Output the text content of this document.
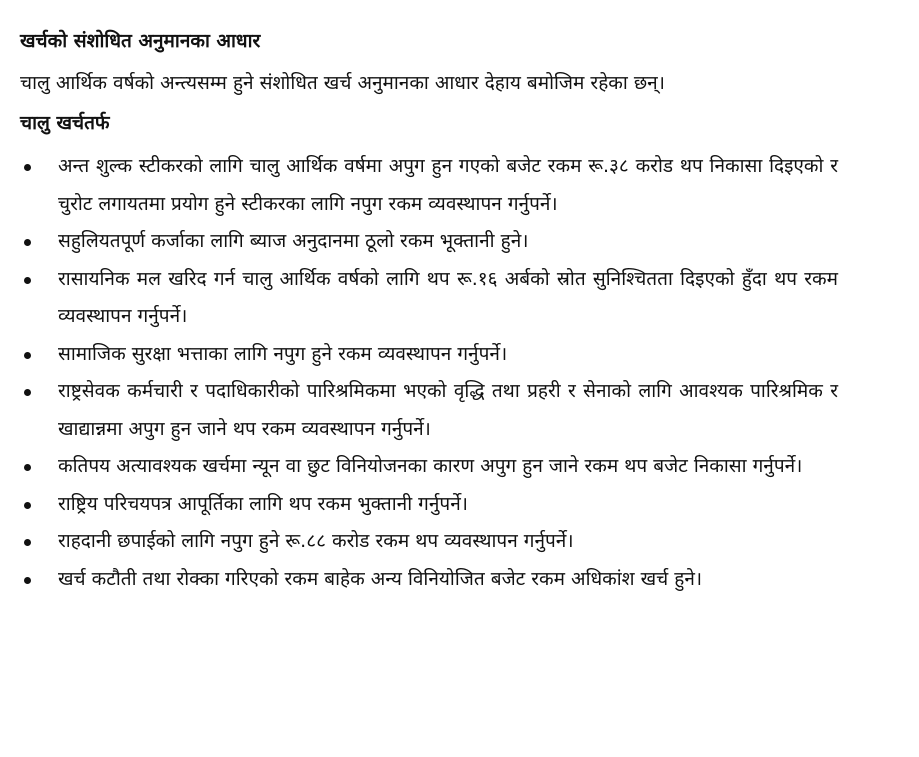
खर्चको संशोधित अनुमानका आधार

चालु आर्थिक वर्षको अन्त्यसम्म हुने संशोधित खर्च अनुमानका आधार देहाय बमोजिम रहेका छन्।

चालु खर्चतर्फ
अन्त शुल्क स्टीकरको लागि चालु आर्थिक वर्षमा अपुग हुन गएको बजेट रकम रू.३८ करोड थप निकासा दिइएको र चुरोट लगायतमा प्रयोग हुने स्टीकरका लागि नपुग रकम व्यवस्थापन गर्नुपर्ने।
सहुलियतपूर्ण कर्जाका लागि ब्याज अनुदानमा ठूलो रकम भूक्तानी हुने।
रासायनिक मल खरिद गर्न चालु आर्थिक वर्षको लागि थप रू.१६ अर्बको स्रोत सुनिश्चितता दिइएको हुँदा थप रकम व्यवस्थापन गर्नुपर्ने।
सामाजिक सुरक्षा भत्ताका लागि नपुग हुने रकम व्यवस्थापन गर्नुपर्ने।
राष्ट्रसेवक कर्मचारी र पदाधिकारीको पारिश्रमिकमा भएको वृद्धि तथा प्रहरी र सेनाको लागि आवश्यक पारिश्रमिक र खाद्यान्नमा अपुग हुन जाने थप रकम व्यवस्थापन गर्नुपर्ने।
कतिपय अत्यावश्यक खर्चमा न्यून वा छुट विनियोजनका कारण अपुग हुन जाने रकम थप बजेट निकासा गर्नुपर्ने।
राष्ट्रिय परिचयपत्र आपूर्तिका लागि थप रकम भुक्तानी गर्नुपर्ने।
राहदानी छपाईको लागि नपुग हुने रू.८८ करोड रकम थप व्यवस्थापन गर्नुपर्ने।
खर्च कटौती तथा रोक्का गरिएको रकम बाहेक अन्य विनियोजित बजेट रकम अधिकांश खर्च हुने।
